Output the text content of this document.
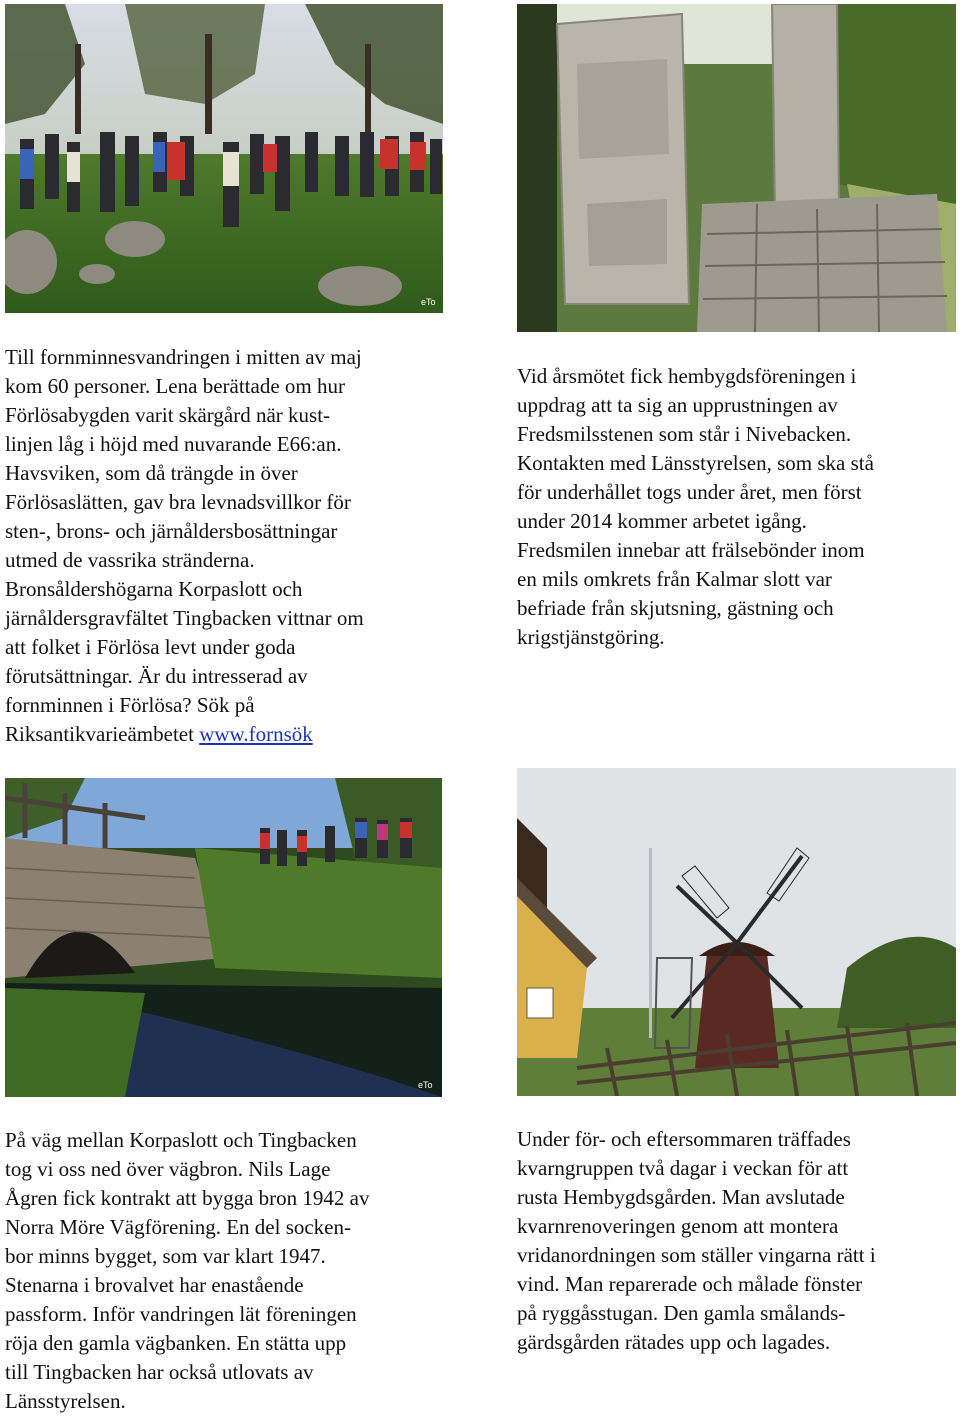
eTo

Till fornminnesvandringen i mitten av maj
kom 60 personer. Lena berättade om hur
Förlösabygden varit skärgård när kust-
linjen låg i höjd med nuvarande E66:an.
Havsviken, som då trängde in över
Förlösaslätten, gav bra levnadsvillkor för
sten-, brons- och järnåldersbosättningar
utmed de vassrika stränderna.
Bronsåldershögarna Korpaslott och
järnåldersgravfältet Tingbacken vittnar om
att folket i Förlösa levt under goda
förutsättningar. Är du intresserad av
fornminnen i Förlösa? Sök på
Riksantikvarieämbetet www.fornsök

Vid årsmötet fick hembygdsföreningen i
uppdrag att ta sig an upprustningen av
Fredsmilsstenen som står i Nivebacken.
Kontakten med Länsstyrelsen, som ska stå
för underhållet togs under året, men först
under 2014 kommer arbetet igång.
Fredsmilen innebar att frälsebönder inom
en mils omkrets från Kalmar slott var
befriade från skjutsning, gästning och
krigstjänstgöring.

eTo

På väg mellan Korpaslott och Tingbacken
tog vi oss ned över vägbron. Nils Lage
Ågren fick kontrakt att bygga bron 1942 av
Norra Möre Vägförening. En del socken-
bor minns bygget, som var klart 1947.
Stenarna i brovalvet har enastående
passform. Inför vandringen lät föreningen
röja den gamla vägbanken. En stätta upp
till Tingbacken har också utlovats av
Länsstyrelsen.

Under för- och eftersommaren träffades
kvarngruppen två dagar i veckan för att
rusta Hembygdsgården. Man avslutade
kvarnrenoveringen genom att montera
vridanordningen som ställer vingarna rätt i
vind. Man reparerade och målade fönster
på ryggåsstugan. Den gamla smålands-
gärdsgården rätades upp och lagades.
